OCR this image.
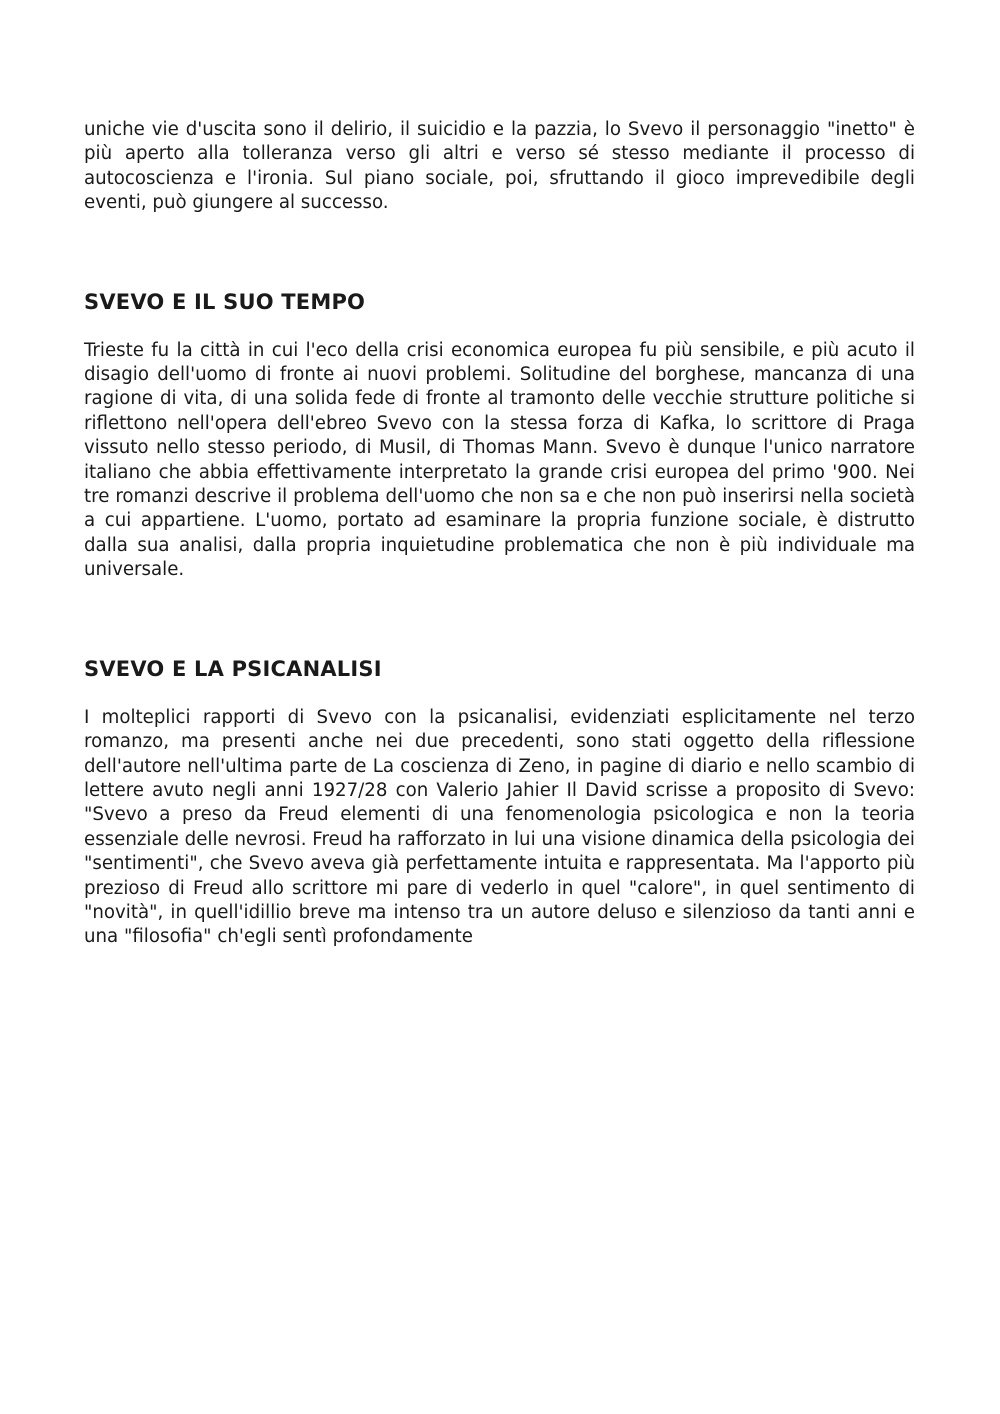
uniche vie d'uscita sono il delirio, il suicidio e la pazzia, lo Svevo il personaggio "inetto" è più aperto alla tolleranza verso gli altri e verso sé stesso mediante il processo di autocoscienza e l'ironia. Sul piano sociale, poi, sfruttando il gioco imprevedibile degli eventi, può giungere al successo.

SVEVO E IL SUO TEMPO

Trieste fu la città in cui l'eco della crisi economica europea fu più sensibile, e più acuto il disagio dell'uomo di fronte ai nuovi problemi. Solitudine del borghese, mancanza di una ragione di vita, di una solida fede di fronte al tramonto delle vecchie strutture politiche si riflettono nell'opera dell'ebreo Svevo con la stessa forza di Kafka, lo scrittore di Praga vissuto nello stesso periodo, di Musil, di Thomas Mann. Svevo è dunque l'unico narratore italiano che abbia effettivamente interpretato la grande crisi europea del primo '900. Nei tre romanzi descrive il problema dell'uomo che non sa e che non può inserirsi nella società a cui appartiene. L'uomo, portato ad esaminare la propria funzione sociale, è distrutto dalla sua analisi, dalla propria inquietudine problematica che non è più individuale ma universale.

SVEVO E LA PSICANALISI

I molteplici rapporti di Svevo con la psicanalisi, evidenziati esplicitamente nel terzo romanzo, ma presenti anche nei due precedenti, sono stati oggetto della riflessione dell'autore nell'ultima parte de La coscienza di Zeno, in pagine di diario e nello scambio di lettere avuto negli anni 1927/28 con Valerio Jahier Il David scrisse a proposito di Svevo: "Svevo a preso da Freud elementi di una fenomenologia psicologica e non la teoria essenziale delle nevrosi. Freud ha rafforzato in lui una visione dinamica della psicologia dei "sentimenti", che Svevo aveva già perfettamente intuita e rappresentata. Ma l'apporto più prezioso di Freud allo scrittore mi pare di vederlo in quel "calore", in quel sentimento di "novità", in quell'idillio breve ma intenso tra un autore deluso e silenzioso da tanti anni e una "filosofia" ch'egli sentì profondamente
